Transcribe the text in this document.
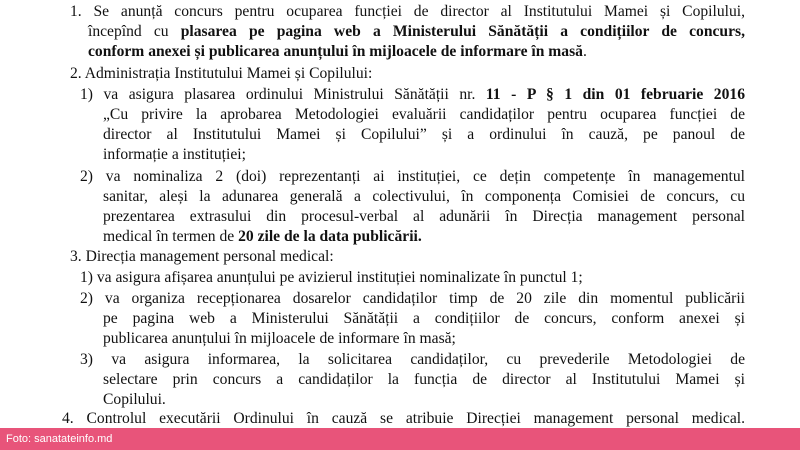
1. Se anunță concurs pentru ocuparea funcției de director al Institutului Mamei și Copilului,
începînd cu plasarea pe pagina web a Ministerului Sănătății a condițiilor de concurs,
conform anexei și publicarea anunțului în mijloacele de informare în masă.
2. Administrația Institutului Mamei și Copilului:
1) va asigura plasarea ordinului Ministrului Sănătății nr. 11 - P § 1 din 01 februarie 2016
„Cu privire la aprobarea Metodologiei evaluării candidaților pentru ocuparea funcției de
director al Institutului Mamei și Copilului” și a ordinului în cauză, pe panoul de
informație a instituției;
2) va nominaliza 2 (doi) reprezentanți ai instituției, ce dețin competențe în managementul
sanitar, aleși la adunarea generală a colectivului, în componența Comisiei de concurs, cu
prezentarea extrasului din procesul-verbal al adunării în Direcția management personal
medical în termen de 20 zile de la data publicării.
3. Direcția management personal medical:
1) va asigura afișarea anunțului pe avizierul instituției nominalizate în punctul 1;
2) va organiza recepționarea dosarelor candidaților timp de 20 zile din momentul publicării
pe pagina web a Ministerului Sănătății a condițiilor de concurs, conform anexei și
publicarea anunțului în mijloacele de informare în masă;
3) va asigura informarea, la solicitarea candidaților, cu prevederile Metodologiei de
selectare prin concurs a candidaților la funcția de director al Institutului Mamei și
Copilului.
4. Controlul executării Ordinului în cauză se atribuie Direcției management personal medical.
Foto: sanatateinfo.md
